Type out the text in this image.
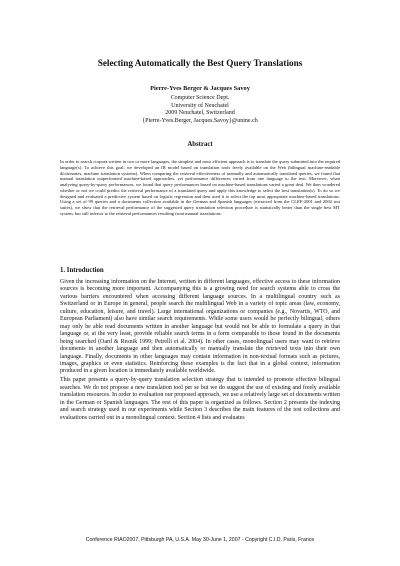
Selecting Automatically the Best Query Translations
Pierre-Yves Berger & Jacques Savoy
Computer Science Dept.
University of Neuchatel
2009 Neuchatel, Switzerland
{Pierre-Yves.Berger, Jacques.Savoy}@unine.ch
Abstract
In order to search corpora written in two or more languages, the simplest and most efficient approach is to translate the query submitted into the required language(s). To achieve this goal, we developed an IR model based on translation tools freely available on the Web (bilingual machine-readable dictionaries, machine translation systems). When comparing the retrieval effectiveness of manually and automatically translated queries, we found that manual translation outperformed machine-based approaches, yet performance differences varied from one language to the text. Moreover, when analyzing query-by-query performances, we found that query performances based on machine-based translations varied a great deal. We then wondered whether or not we could predict the retrieval performance of a translated query and apply this knowledge to select the best translation(s). To do so we designed and evaluated a predictive system based on logistic regression and then used it to select the top most appropriate machine-based translations. Using a set of 99 queries and a documents collection available in the German and Spanish languages (extracted from the CLEF-2001 and 2002 test suites), we show that the retrieval performance of the suggested query translation selection procedure is statistically better than the single best MT system, but still inferior to the retrieval performances resulting from manual translations.
1. Introduction

Given the increasing information on the Internet, written in different languages, effective access to these information sources is becoming more important. Accompanying this is a growing need for search systems able to cross the various barriers encountered when accessing different language sources. In a multilingual country such as Switzerland or in Europe in general, people search the multilingual Web in a variety of topic areas (law, economy, culture, education, leisure, and travel). Large international organizations or companies (e.g., Novartis, WTO, and European Parliament) also have similar search requirements. While some users would be perfectly bilingual, others may only be able read documents written in another language but would not be able to formulate a query in that language or, at the very least, provide reliable search terms in a form comparable to those found in the documents being searched (Oard & Resnik 1999; Petrelli et al. 2004). In other cases, monolingual users may want to retrieve documents in another language and then automatically or manually translate the retrieved texts into their own language. Finally, documents in other languages may contain information in non-textual formats such as pictures, images, graphics or even statistics. Reinforcing these examples is the fact that in a global context, information produced in a given location is immediately available worldwide.

This paper presents a query-by-query translation selection strategy that is intended to promote effective bilingual searches. We do not propose a new translation tool per se but we do suggest the use of existing and freely available translation resources. In order to evaluation our proposed approach, we use a relatively large set of documents written in the German or Spanish languages. The rest of this paper is organized as follows. Section 2 presents the indexing and search strategy used in our experiments while Section 3 describes the main features of the test collections and evaluations carried out in a monolingual context. Section 4 lists and evaluates

Conference RIAO2007, Pittsburgh PA, U.S.A. May 30-June 1, 2007 - Copyright C.I.D. Paris, France
